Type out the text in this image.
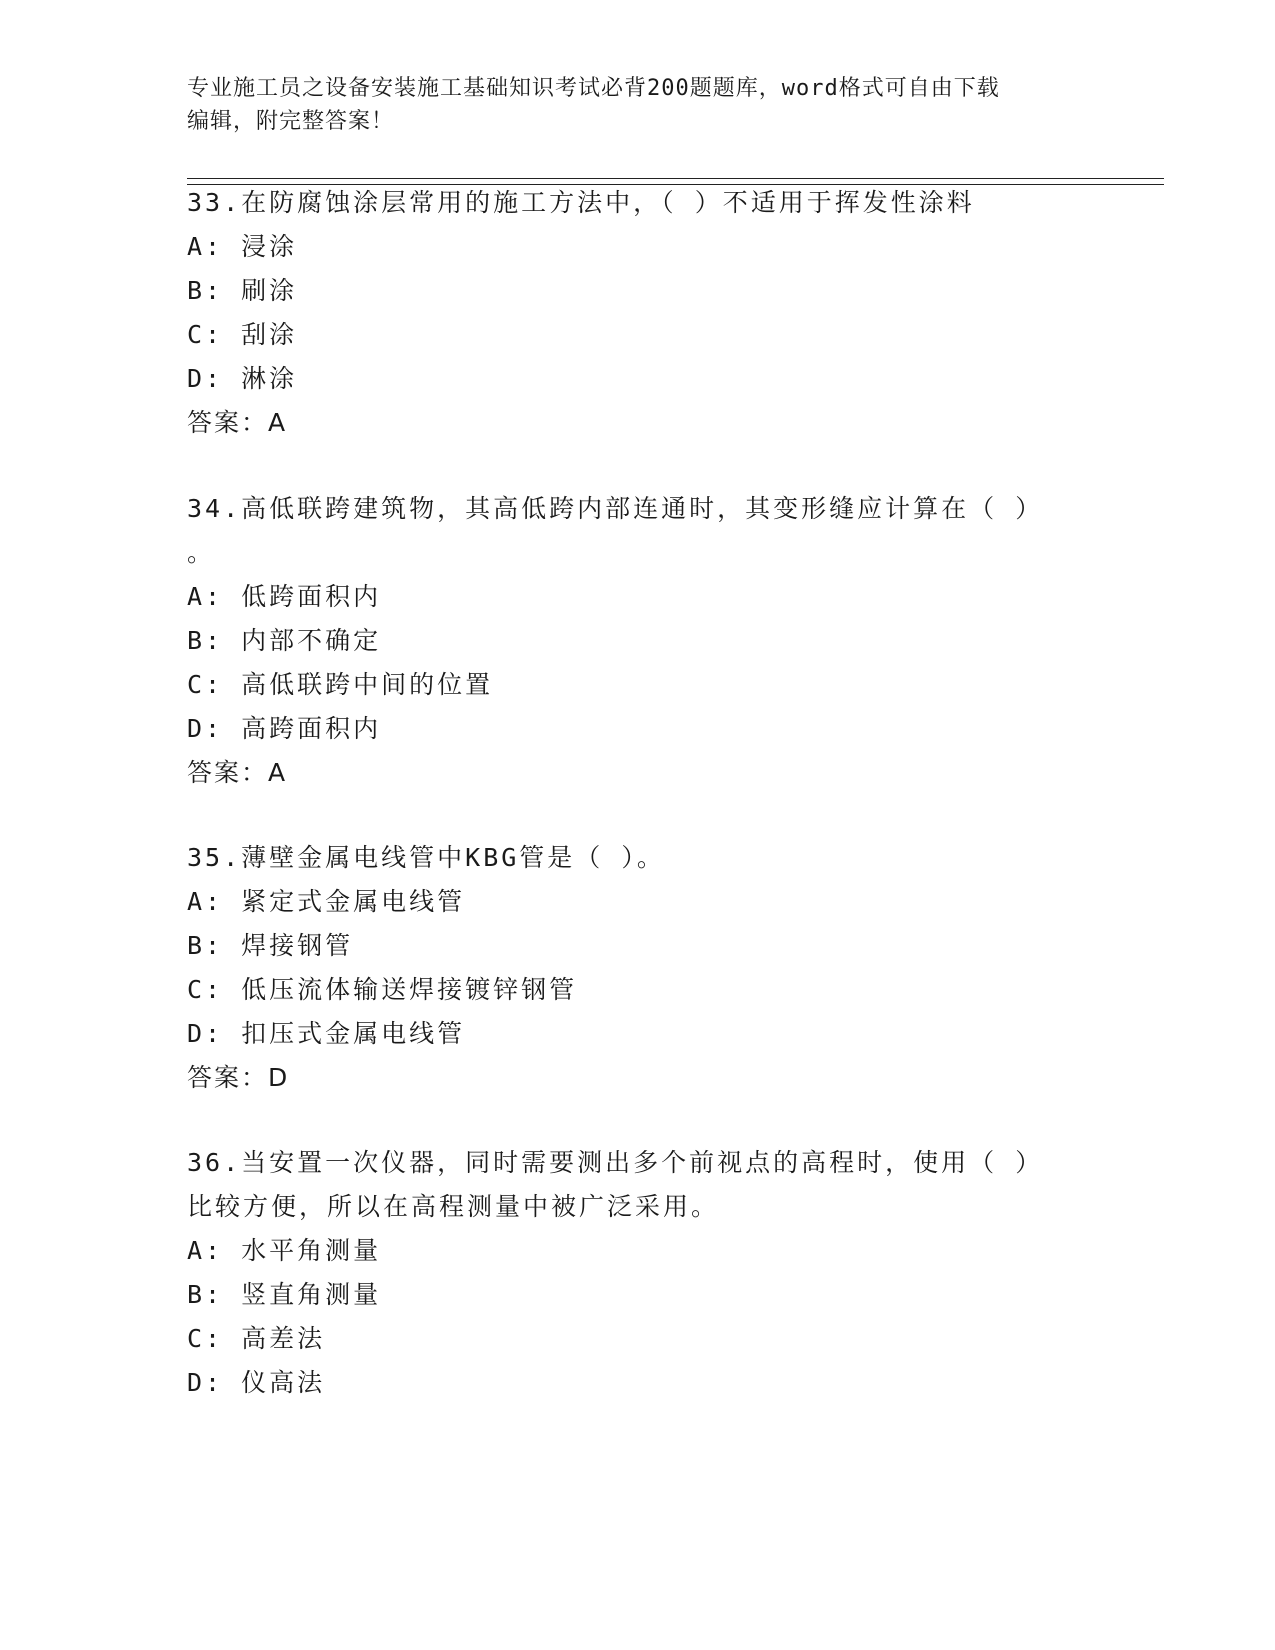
专业施工员之设备安装施工基础知识考试必背200题题库，word格式可自由下载
编辑，附完整答案！
33.在防腐蚀涂层常用的施工方法中，（ ）不适用于挥发性涂料
A: 浸涂
B: 刷涂
C: 刮涂
D: 淋涂
答案：A
34.高低联跨建筑物，其高低跨内部连通时，其变形缝应计算在（ ）
。
A: 低跨面积内
B: 内部不确定
C: 高低联跨中间的位置
D: 高跨面积内
答案：A
35.薄壁金属电线管中KBG管是（ ）。
A: 紧定式金属电线管
B: 焊接钢管
C: 低压流体输送焊接镀锌钢管
D: 扣压式金属电线管
答案：D
36.当安置一次仪器，同时需要测出多个前视点的高程时，使用（ ）
比较方便，所以在高程测量中被广泛采用。
A: 水平角测量
B: 竖直角测量
C: 高差法
D: 仪高法
